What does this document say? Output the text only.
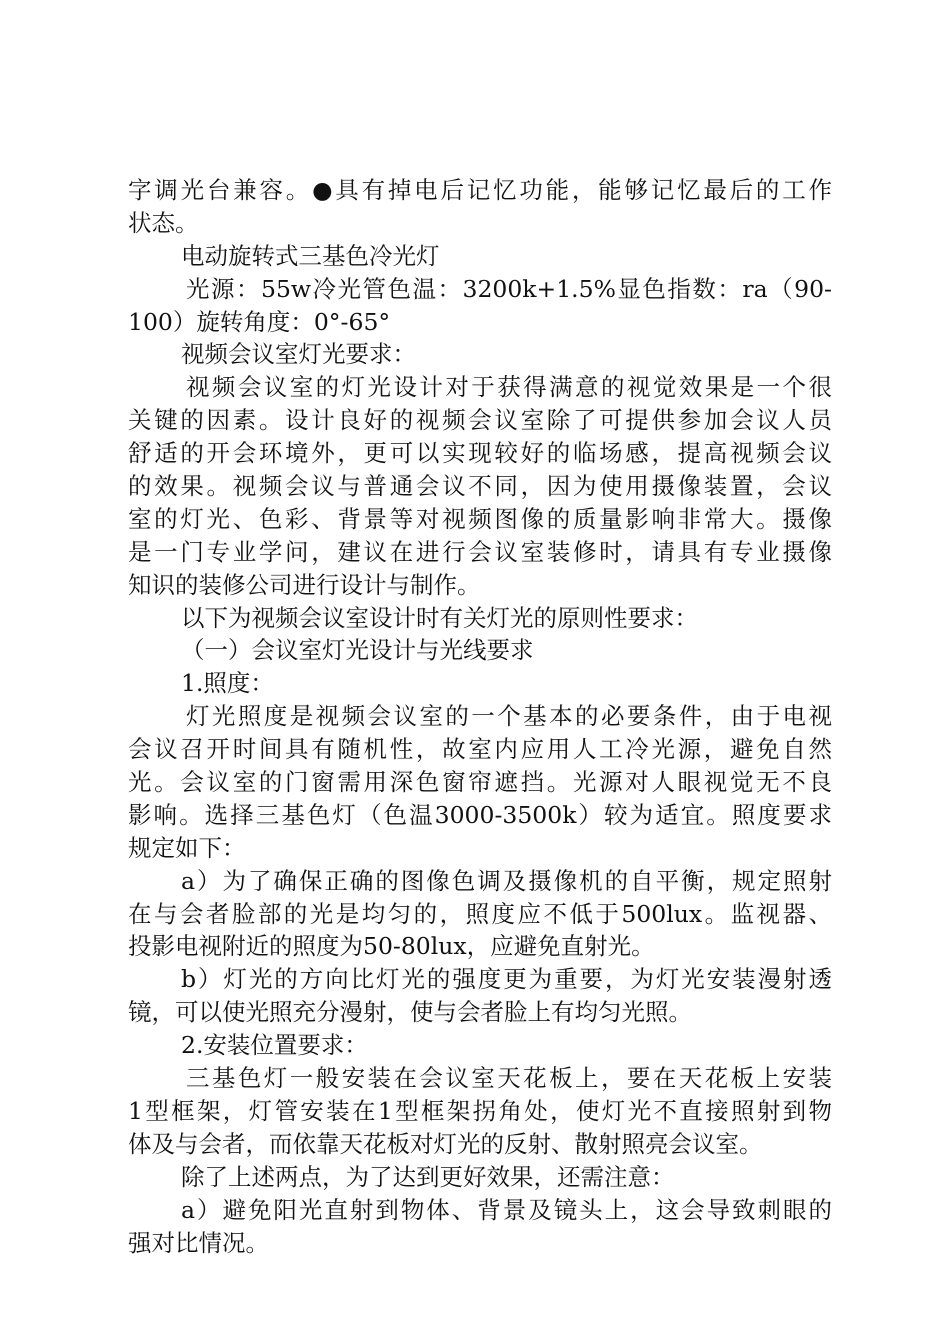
字调光台兼容。●具有掉电后记忆功能，能够记忆最后的工作
状态。
电动旋转式三基色冷光灯
光源：55w冷光管色温：3200k+1.5%显色指数：ra（90-
100）旋转角度：0°-65°
视频会议室灯光要求：
视频会议室的灯光设计对于获得满意的视觉效果是一个很
关键的因素。设计良好的视频会议室除了可提供参加会议人员
舒适的开会环境外，更可以实现较好的临场感，提高视频会议
的效果。视频会议与普通会议不同，因为使用摄像装置，会议
室的灯光、色彩、背景等对视频图像的质量影响非常大。摄像
是一门专业学问，建议在进行会议室装修时，请具有专业摄像
知识的装修公司进行设计与制作。
以下为视频会议室设计时有关灯光的原则性要求：
（一）会议室灯光设计与光线要求
1.照度：
灯光照度是视频会议室的一个基本的必要条件，由于电视
会议召开时间具有随机性，故室内应用人工冷光源，避免自然
光。会议室的门窗需用深色窗帘遮挡。光源对人眼视觉无不良
影响。选择三基色灯（色温3000-3500k）较为适宜。照度要求
规定如下：
a）为了确保正确的图像色调及摄像机的自平衡，规定照射
在与会者脸部的光是均匀的，照度应不低于500lux。监视器、
投影电视附近的照度为50-80lux，应避免直射光。
b）灯光的方向比灯光的强度更为重要，为灯光安装漫射透
镜，可以使光照充分漫射，使与会者脸上有均匀光照。
2.安装位置要求：
三基色灯一般安装在会议室天花板上，要在天花板上安装
1型框架，灯管安装在1型框架拐角处，使灯光不直接照射到物
体及与会者，而依靠天花板对灯光的反射、散射照亮会议室。
除了上述两点，为了达到更好效果，还需注意：
a）避免阳光直射到物体、背景及镜头上，这会导致刺眼的
强对比情况。
